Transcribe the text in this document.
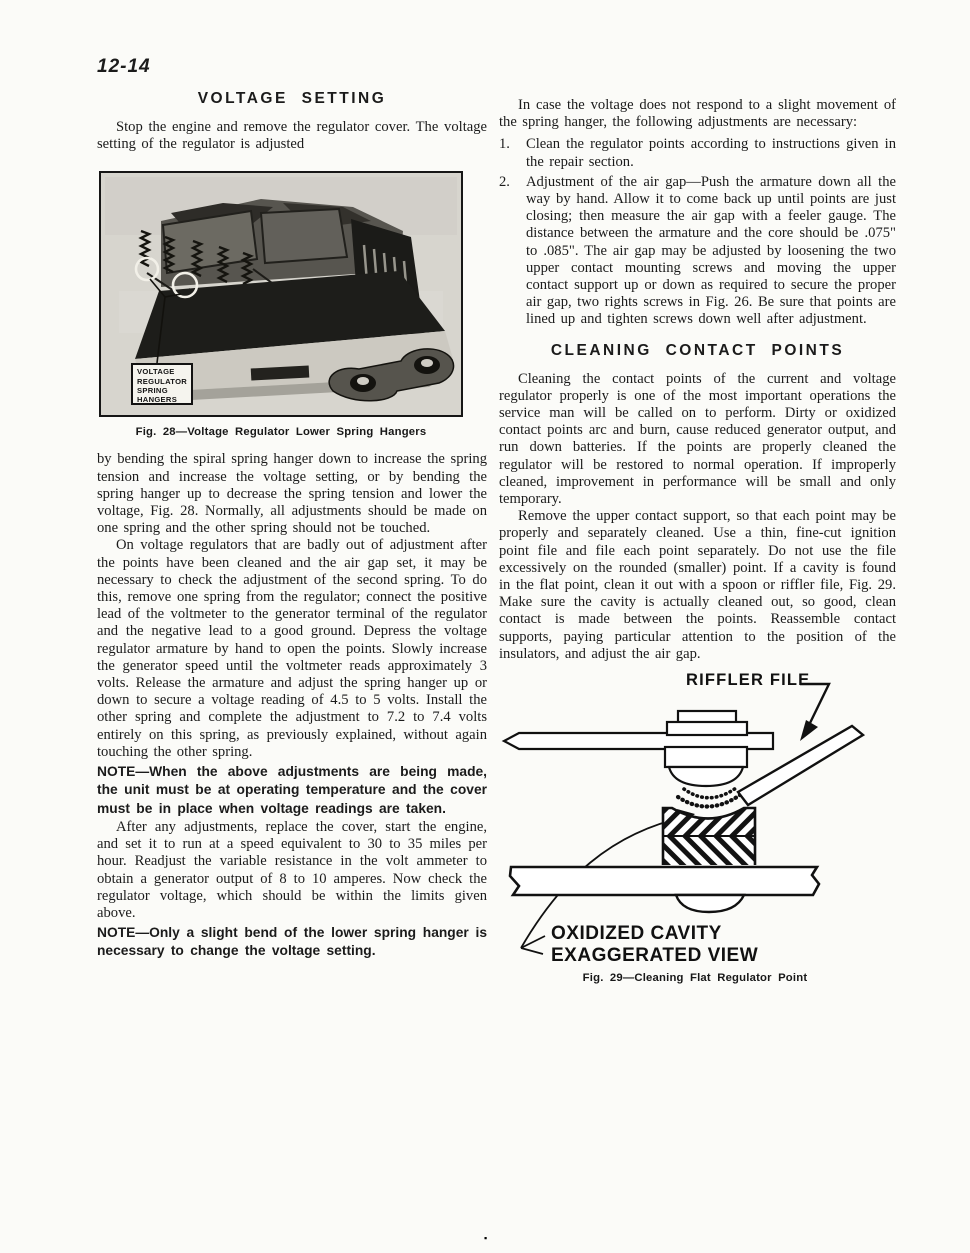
12-14
VOLTAGE SETTING

Stop the engine and remove the regulator cover. The voltage setting of the regulator is adjusted

VOLTAGE
REGULATOR
SPRING
HANGERS
Fig. 28—Voltage Regulator Lower Spring Hangers

by bending the spiral spring hanger down to increase the spring tension and increase the voltage setting, or by bending the spring hanger up to decrease the spring tension and lower the voltage, Fig. 28. Normally, all adjustments should be made on one spring and the other spring should not be touched.

On voltage regulators that are badly out of adjustment after the points have been cleaned and the air gap set, it may be necessary to check the adjustment of the second spring. To do this, remove one spring from the regulator; connect the positive lead of the voltmeter to the generator terminal of the regulator and the negative lead to a good ground. Depress the voltage regulator armature by hand to open the points. Slowly increase the generator speed until the voltmeter reads approximately 3 volts. Release the armature and adjust the spring hanger up or down to secure a voltage reading of 4.5 to 5 volts. Install the other spring and complete the adjustment to 7.2 to 7.4 volts entirely on this spring, as previously explained, without again touching the other spring.

NOTE—When the above adjustments are being made, the unit must be at operating temperature and the cover must be in place when voltage readings are taken.

After any adjustments, replace the cover, start the engine, and set it to run at a speed equivalent to 30 to 35 miles per hour. Readjust the variable resistance in the volt ammeter to obtain a generator output of 8 to 10 amperes. Now check the regulator voltage, which should be within the limits given above.

NOTE—Only a slight bend of the lower spring hanger is necessary to change the voltage setting.

In case the voltage does not respond to a slight movement of the spring hanger, the following adjustments are necessary:

1.	Clean the regulator points according to instructions given in the repair section.

2.	Adjustment of the air gap—Push the armature down all the way by hand. Allow it to come back up until points are just closing; then measure the air gap with a feeler gauge. The distance between the armature and the core should be .075" to .085". The air gap may be adjusted by loosening the two upper contact mounting screws and moving the upper contact support up or down as required to secure the proper air gap, two rights screws in Fig. 26. Be sure that points are lined up and tighten screws down well after adjustment.

CLEANING CONTACT POINTS

Cleaning the contact points of the current and voltage regulator properly is one of the most important operations the service man will be called on to perform. Dirty or oxidized contact points arc and burn, cause reduced generator output, and run down batteries. If the points are properly cleaned the regulator will be restored to normal operation. If improperly cleaned, improvement in performance will be small and only temporary.

Remove the upper contact support, so that each point may be properly and separately cleaned. Use a thin, fine-cut ignition point file and file each point separately. Do not use the file excessively on the rounded (smaller) point. If a cavity is found in the flat point, clean it out with a spoon or riffler file, Fig. 29. Make sure the cavity is actually cleaned out, so good, clean contact is made between the points. Reassemble contact supports, paying particular attention to the position of the insulators, and adjust the air gap.

RIFFLER FILE
OXIDIZED CAVITY
EXAGGERATED VIEW
Fig. 29—Cleaning Flat Regulator Point
▪
